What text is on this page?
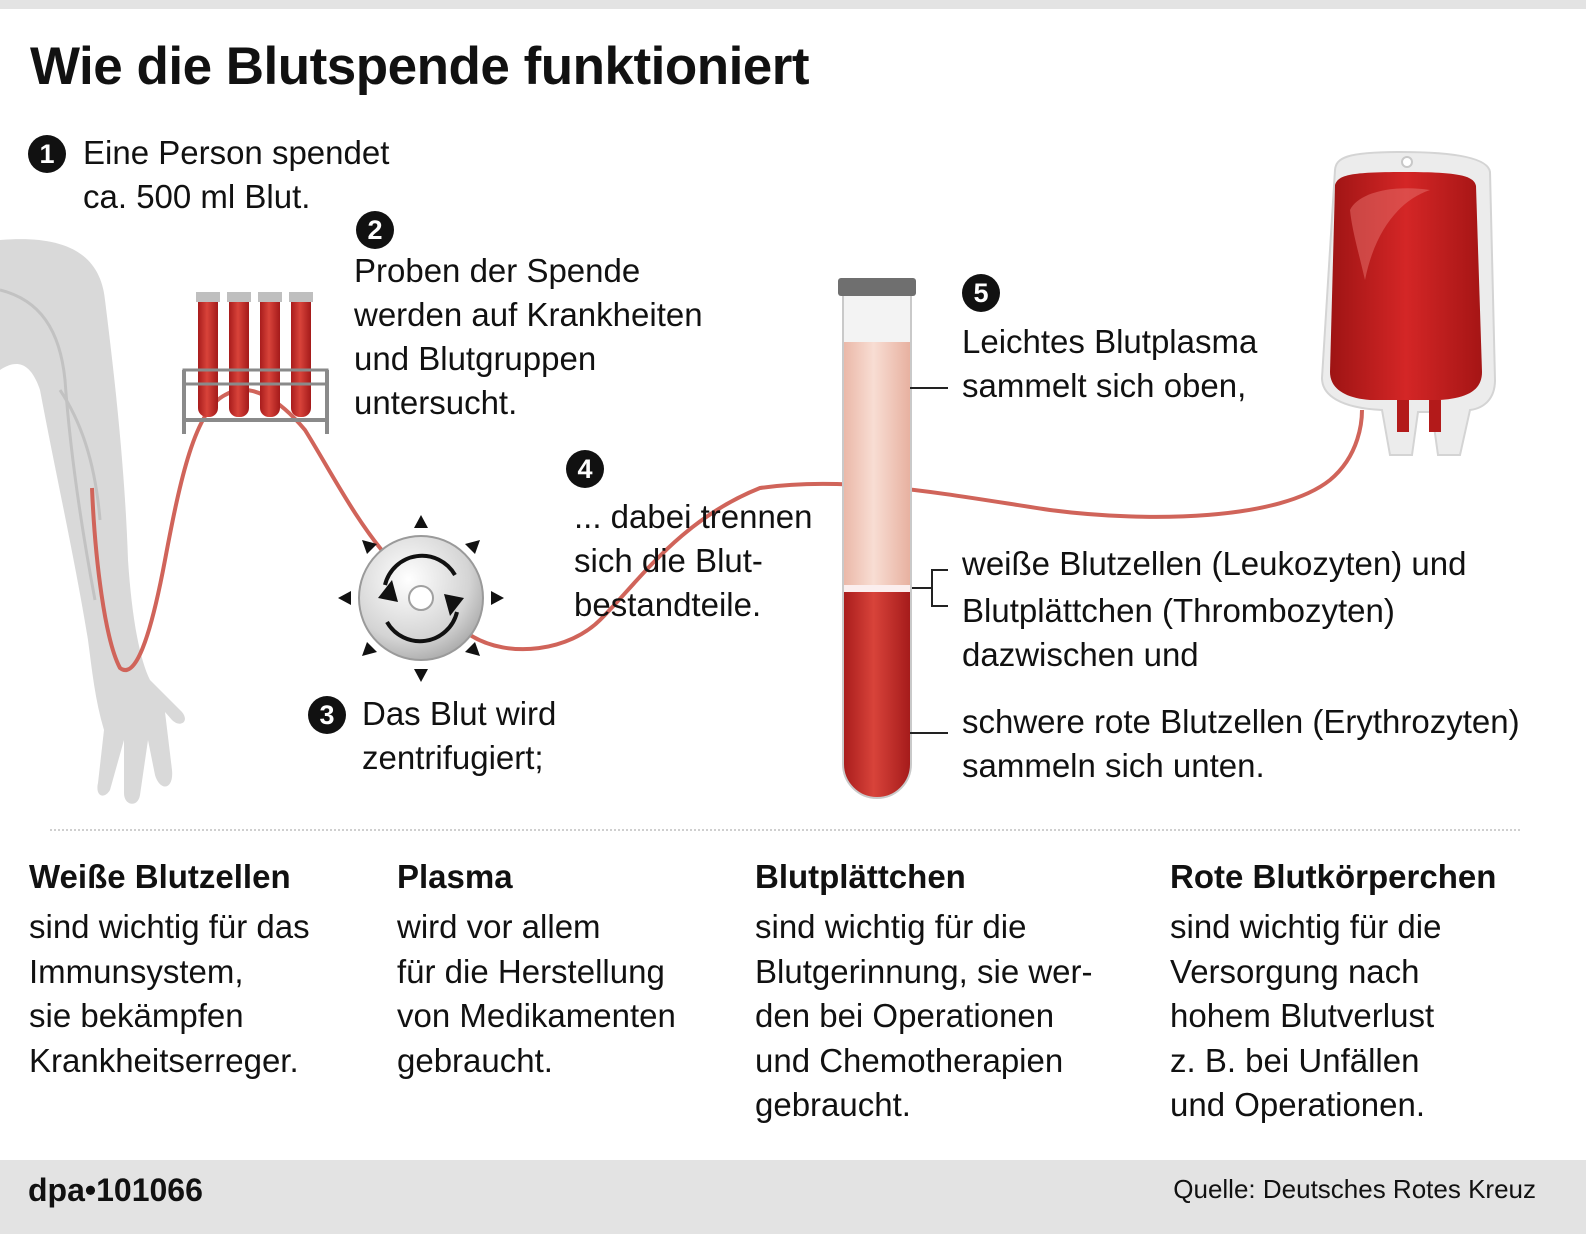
Wie die Blutspende funktioniert
1 Eine Person spendet
ca. 500 ml Blut.
2
Proben der Spende
werden auf Krankheiten
und Blutgruppen
untersucht.
3 Das Blut wird
zentrifugiert;
4
... dabei trennen
sich die Blut-
bestandteile.
5
Leichtes Blutplasma
sammelt sich oben,
weiße Blutzellen (Leukozyten) und
Blutplättchen (Thrombozyten)
dazwischen und
schwere rote Blutzellen (Erythrozyten)
sammeln sich unten.
Weiße Blutzellen
sind wichtig für das
Immunsystem,
sie bekämpfen
Krankheitserreger.
Plasma
wird vor allem
für die Herstellung
von Medikamenten
gebraucht.
Blutplättchen
sind wichtig für die
Blutgerinnung, sie wer-
den bei Operationen
und Chemotherapien
gebraucht.
Rote Blutkörperchen
sind wichtig für die
Versorgung nach
hohem Blutverlust
z. B. bei Unfällen
und Operationen.
dpa•101066	Quelle: Deutsches Rotes Kreuz
